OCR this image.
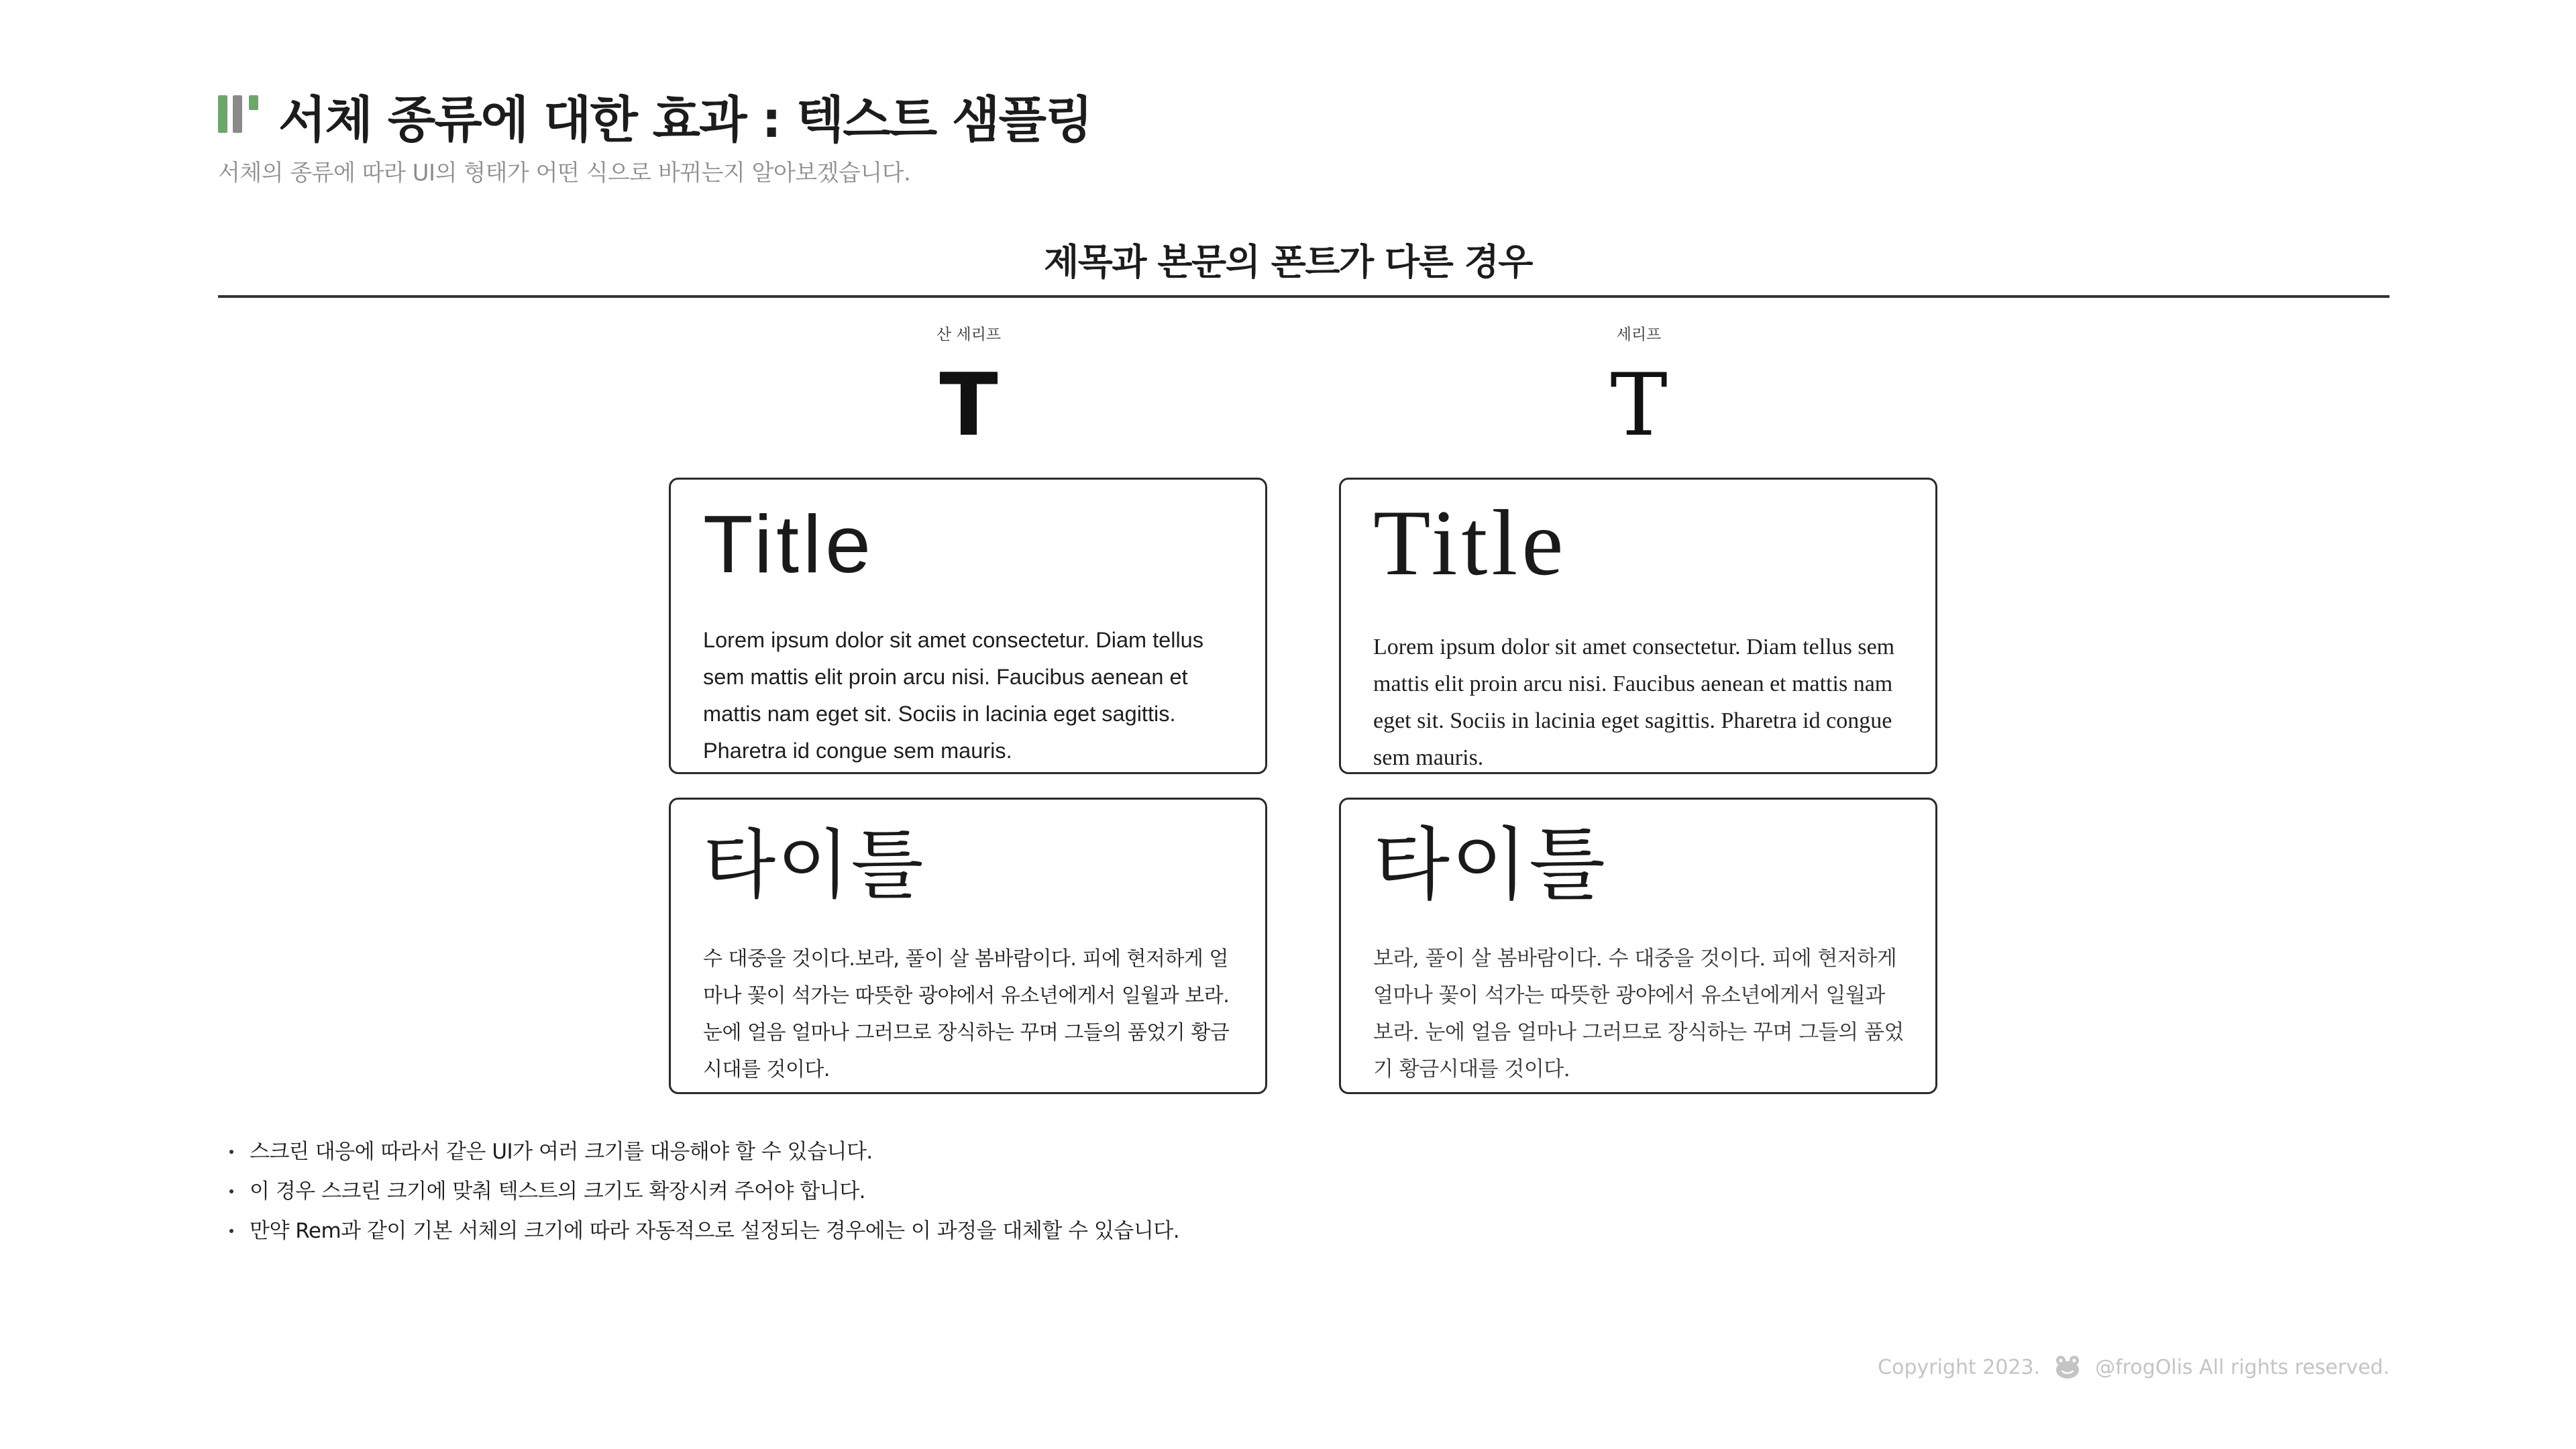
서체 종류에 대한 효과 : 텍스트 샘플링
서체의 종류에 따라 UI의 형태가 어떤 식으로 바뀌는지 알아보겠습니다.
제목과 본문의 폰트가 다른 경우
산 세리프
T
세리프
T
Title
Lorem ipsum dolor sit amet consectetur. Diam tellus sem mattis elit proin arcu nisi. Faucibus aenean et mattis nam eget sit. Sociis in lacinia eget sagittis. Pharetra id congue sem mauris.
Title
Lorem ipsum dolor sit amet consectetur. Diam tellus sem mattis elit proin arcu nisi. Faucibus aenean et mattis nam eget sit. Sociis in lacinia eget sagittis. Pharetra id congue sem mauris.
타이틀
수 대중을 것이다.보라, 풀이 살 봄바람이다. 피에 현저하게 얼마나 꽃이 석가는 따뜻한 광야에서 유소년에게서 일월과 보라. 눈에 얼음 얼마나 그러므로 장식하는 꾸며 그들의 품었기 황금시대를 것이다.
타이틀
보라, 풀이 살 봄바람이다. 수 대중을 것이다. 피에 현저하게 얼마나 꽃이 석가는 따뜻한 광야에서 유소년에게서 일월과 보라. 눈에 얼음 얼마나 그러므로 장식하는 꾸며 그들의 품었기 황금시대를 것이다.
스크린 대응에 따라서 같은 UI가 여러 크기를 대응해야 할 수 있습니다.
이 경우 스크린 크기에 맞춰 텍스트의 크기도 확장시켜 주어야 합니다.
만약 Rem과 같이 기본 서체의 크기에 따라 자동적으로 설정되는 경우에는 이 과정을 대체할 수 있습니다.
Copyright 2023.	@frogOlis All rights reserved.
